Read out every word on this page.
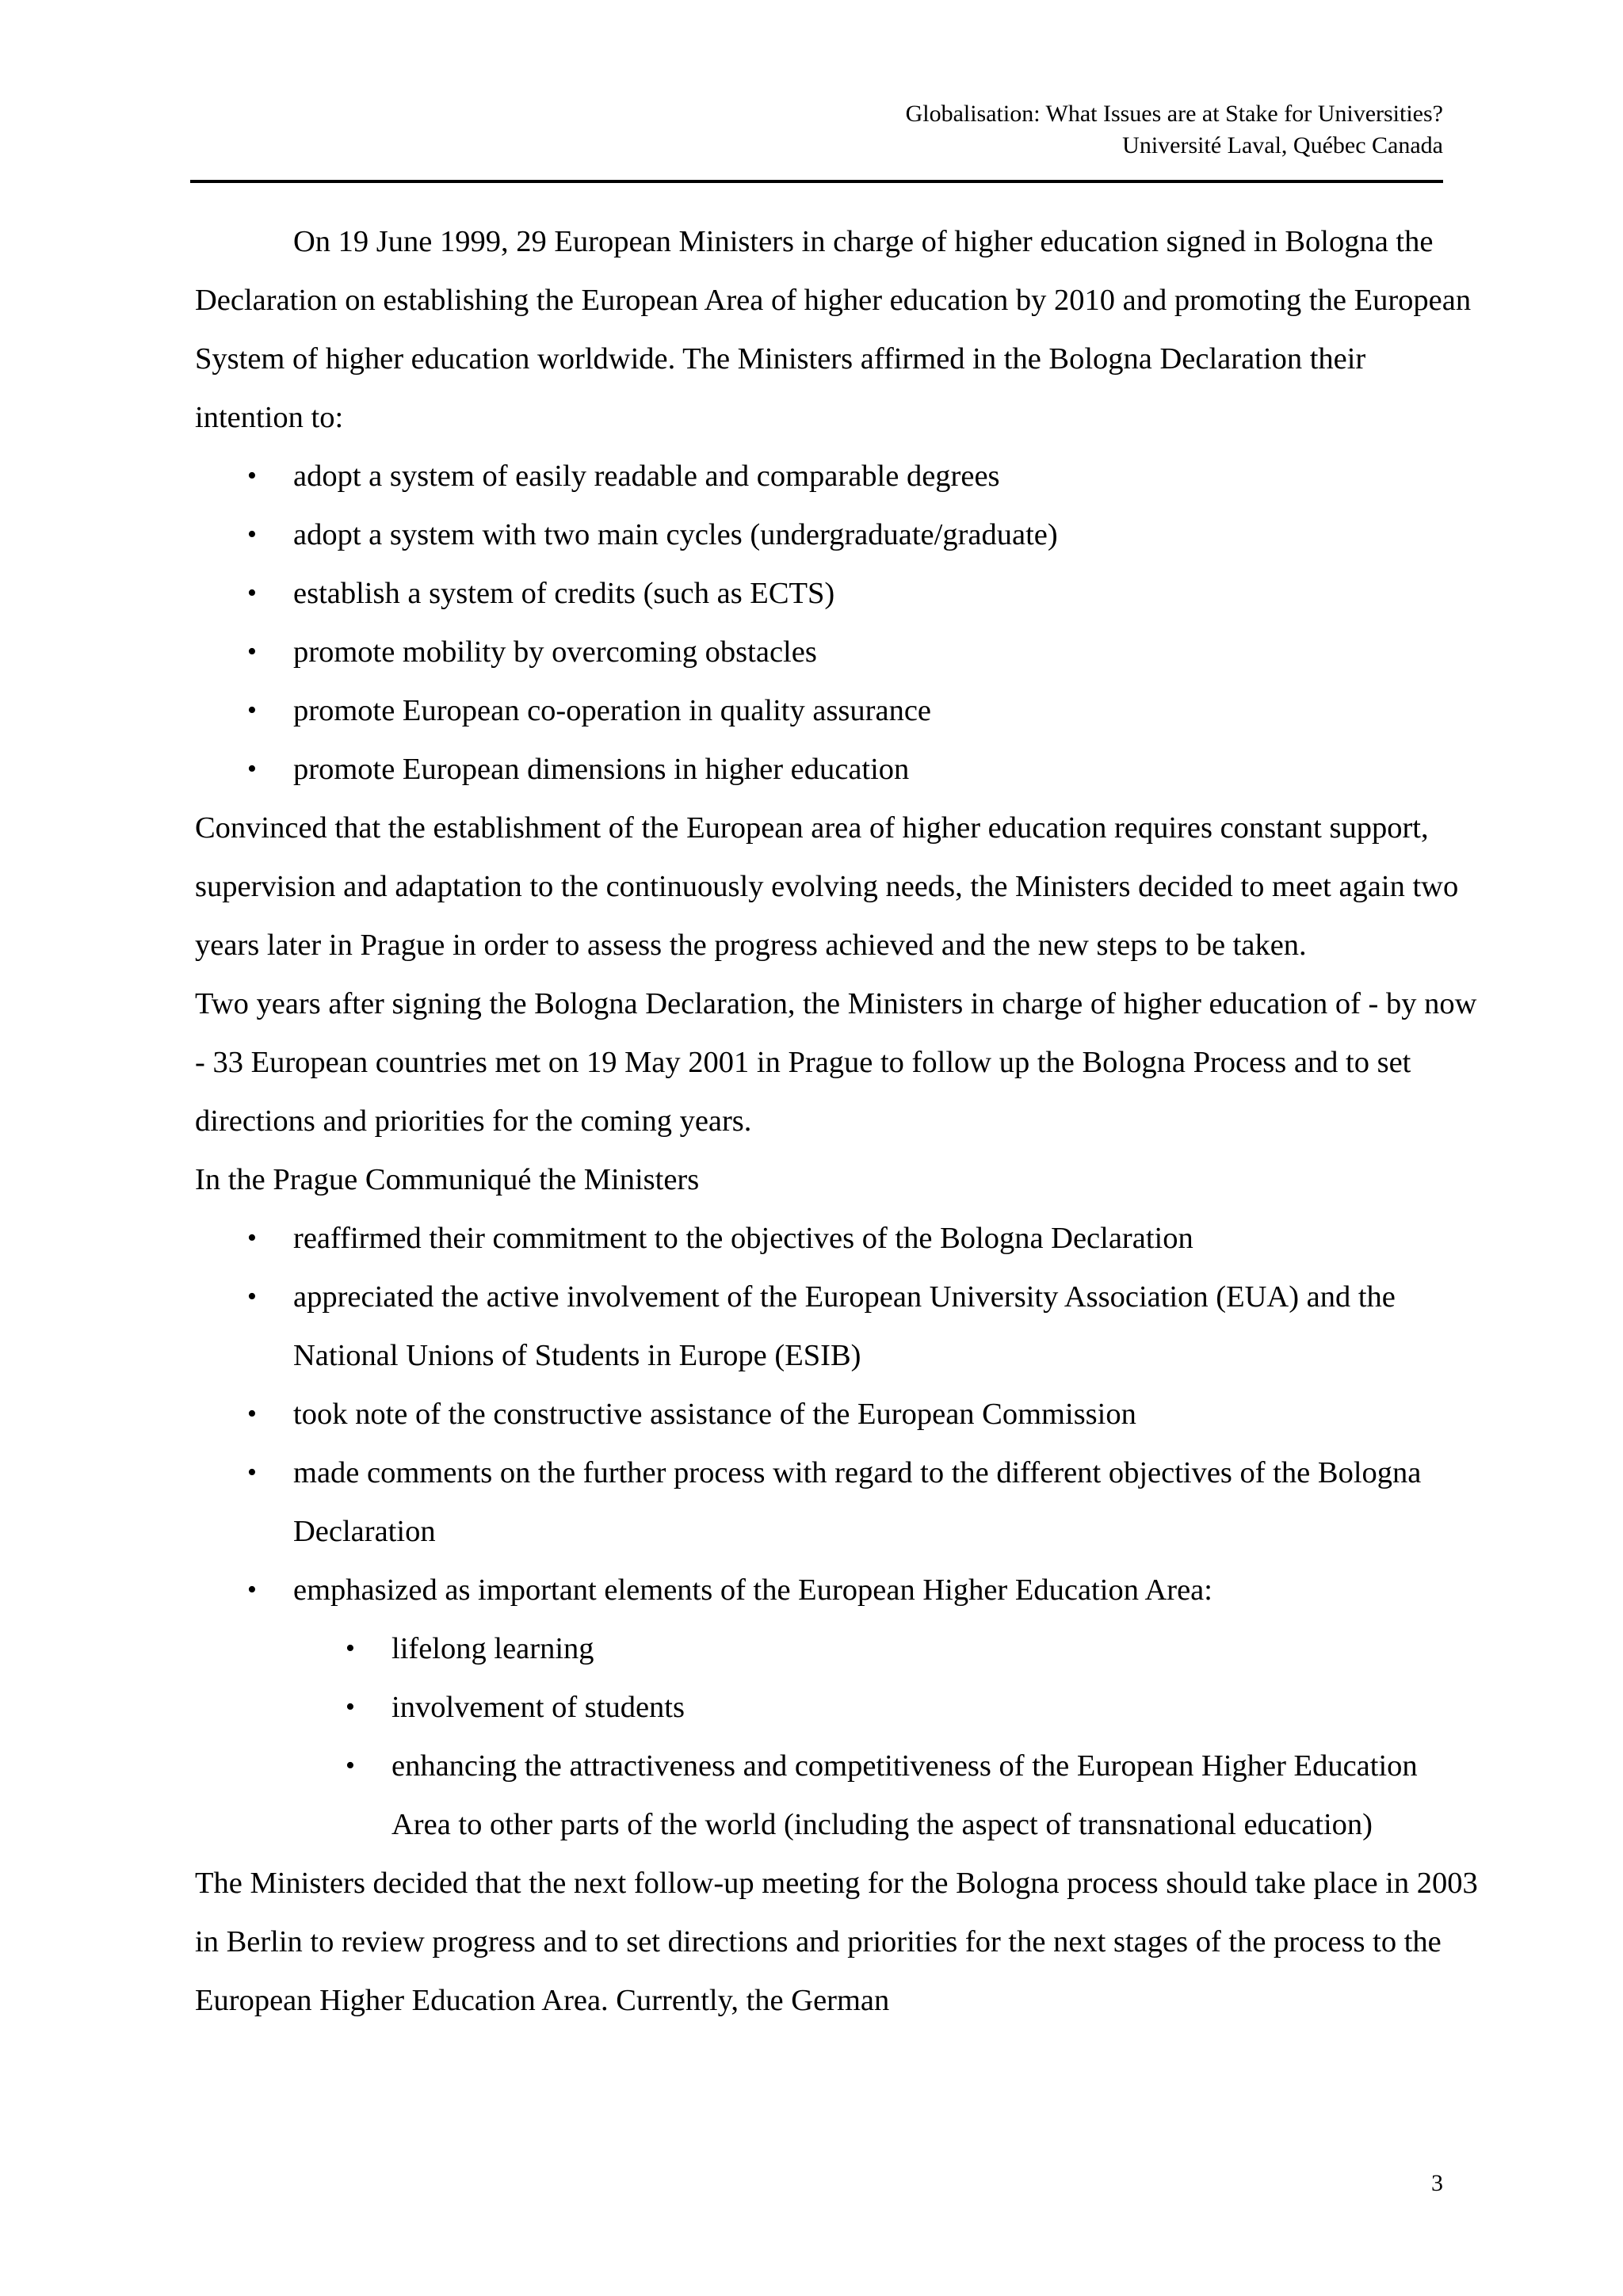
Globalisation: What Issues are at Stake for Universities?
Université Laval, Québec Canada

On 19 June 1999, 29 European Ministers in charge of higher education signed in Bologna the Declaration on establishing the European Area of higher education by 2010 and promoting the European System of higher education worldwide. The Ministers affirmed in the Bologna Declaration their intention to:

• adopt a system of easily readable and comparable degrees
• adopt a system with two main cycles (undergraduate/graduate)
• establish a system of credits (such as ECTS)
• promote mobility by overcoming obstacles
• promote European co-operation in quality assurance
• promote European dimensions in higher education

Convinced that the establishment of the European area of higher education requires constant support, supervision and adaptation to the continuously evolving needs, the Ministers decided to meet again two years later in Prague in order to assess the progress achieved and the new steps to be taken.

Two years after signing the Bologna Declaration, the Ministers in charge of higher education of - by now - 33 European countries met on 19 May 2001 in Prague to follow up the Bologna Process and to set directions and priorities for the coming years.

In the Prague Communiqué the Ministers

• reaffirmed their commitment to the objectives of the Bologna Declaration
• appreciated the active involvement of the European University Association (EUA) and the National Unions of Students in Europe (ESIB)
• took note of the constructive assistance of the European Commission
• made comments on the further process with regard to the different objectives of the Bologna Declaration
• emphasized as important elements of the European Higher Education Area:
• lifelong learning
• involvement of students
• enhancing the attractiveness and competitiveness of the European Higher Education Area to other parts of the world (including the aspect of transnational education)

The Ministers decided that the next follow-up meeting for the Bologna process should take place in 2003 in Berlin to review progress and to set directions and priorities for the next stages of the process to the European Higher Education Area. Currently, the German

3
